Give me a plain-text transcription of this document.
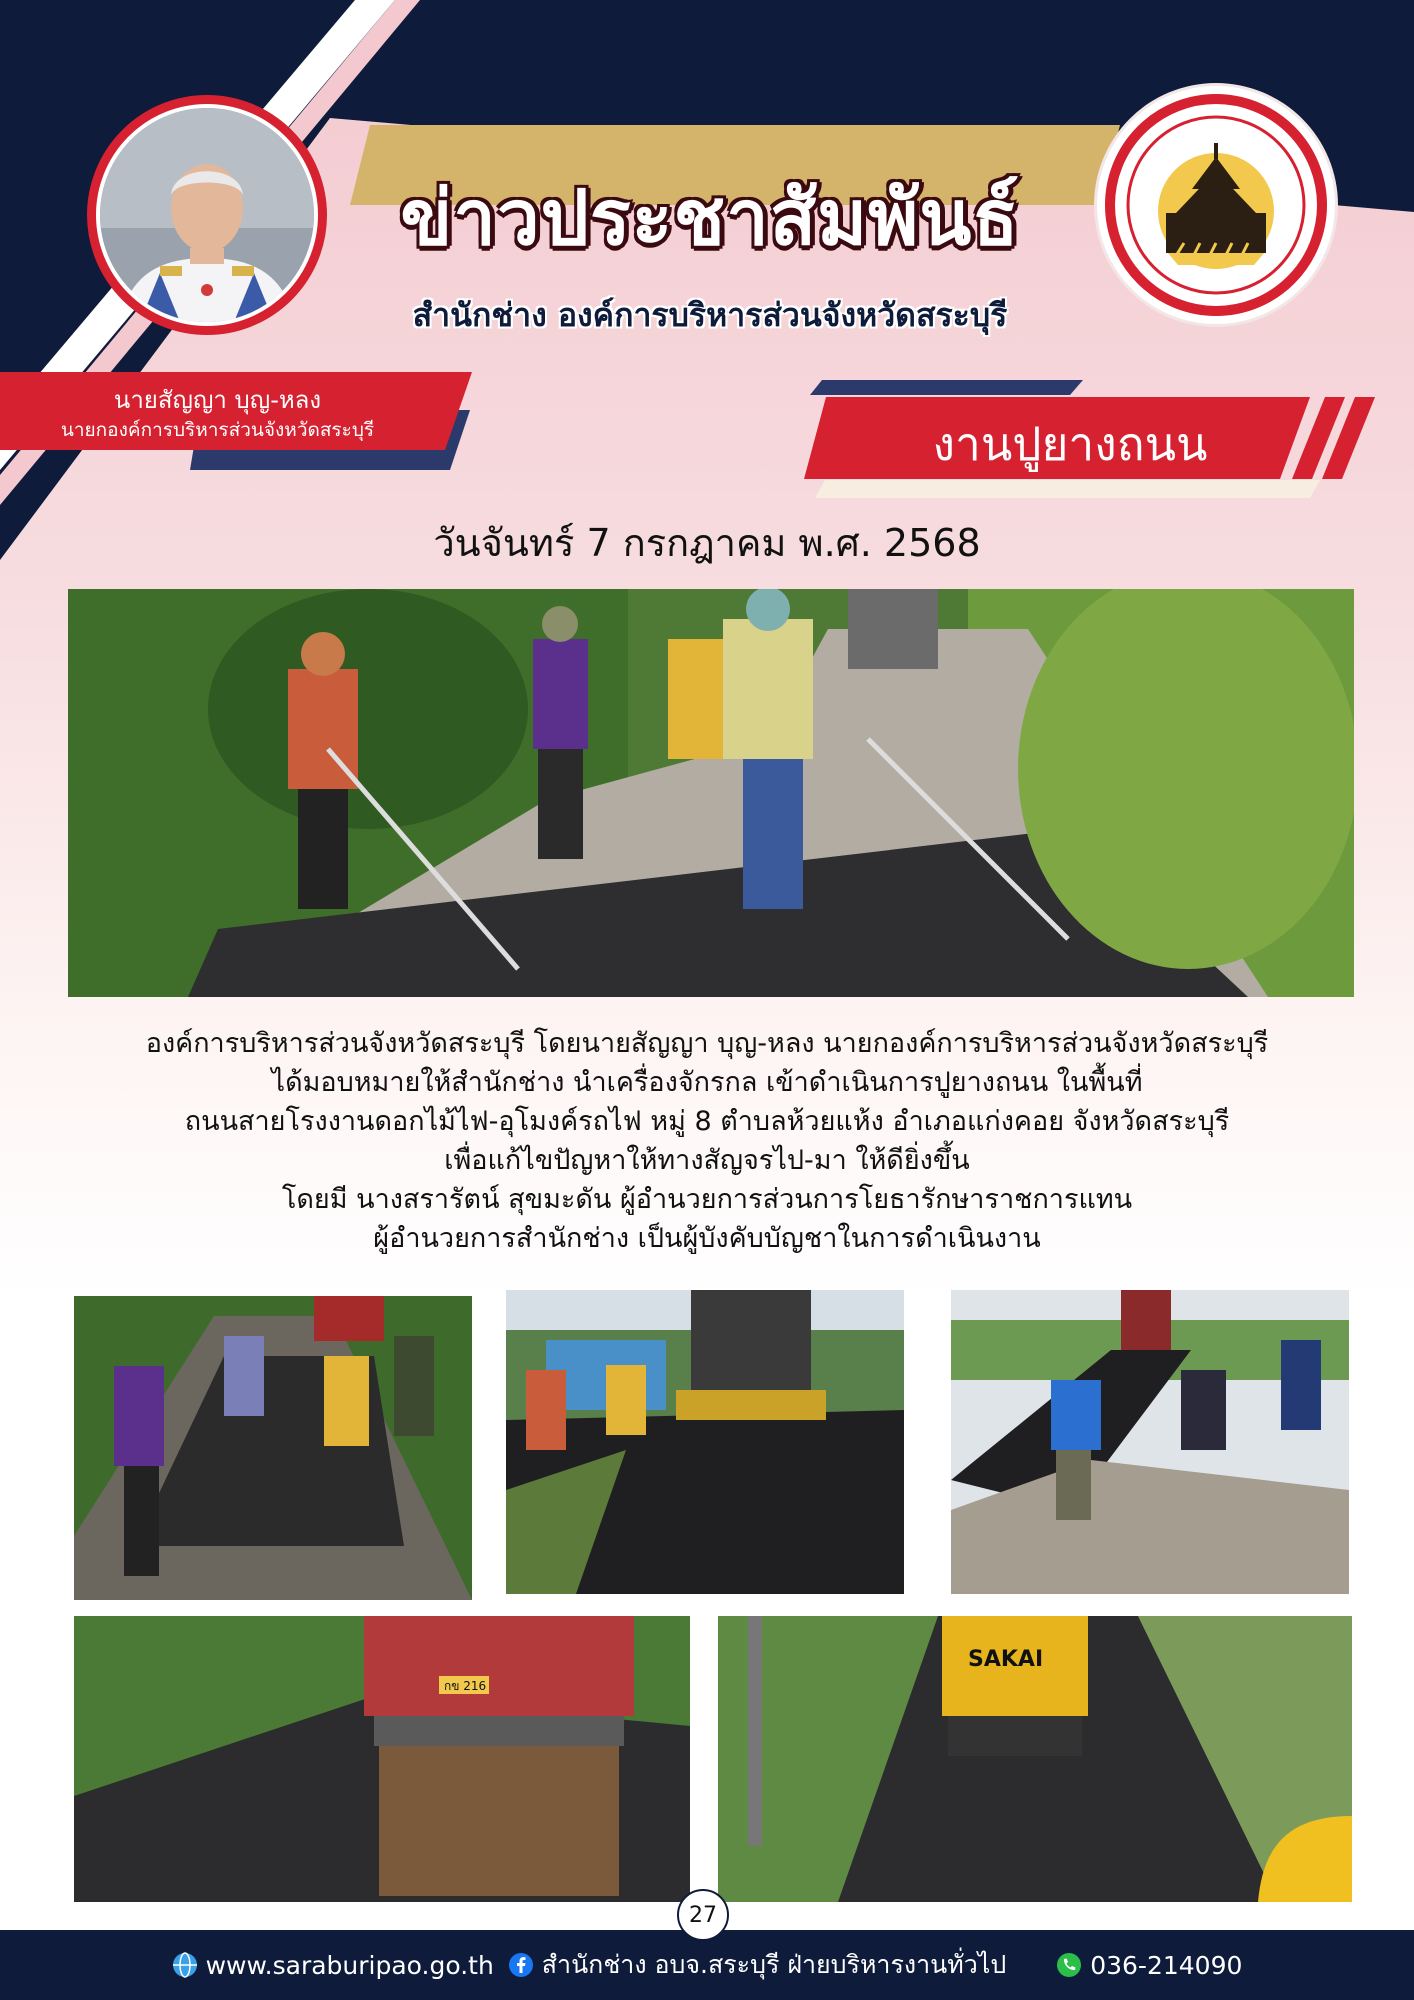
ข่าวประชาสัมพันธ์
สำนักช่าง องค์การบริหารส่วนจังหวัดสระบุรี
นายสัญญา บุญ-หลง
นายกองค์การบริหารส่วนจังหวัดสระบุรี	งานปูยางถนน
วันจันทร์ 7 กรกฎาคม พ.ศ. 2568
องค์การบริหารส่วนจังหวัดสระบุรี โดยนายสัญญา บุญ-หลง นายกองค์การบริหารส่วนจังหวัดสระบุรี
ได้มอบหมายให้สำนักช่าง นำเครื่องจักรกล เข้าดำเนินการปูยางถนน ในพื้นที่
ถนนสายโรงงานดอกไม้ไฟ-อุโมงค์รถไฟ หมู่ 8 ตำบลห้วยแห้ง อำเภอแก่งคอย จังหวัดสระบุรี
เพื่อแก้ไขปัญหาให้ทางสัญจรไป-มา ให้ดียิ่งขึ้น
โดยมี นางสรารัตน์ สุขมะดัน ผู้อำนวยการส่วนการโยธารักษาราชการแทน
ผู้อำนวยการสำนักช่าง เป็นผู้บังคับบัญชาในการดำเนินงาน
กข 216
SAKAI
27
www.saraburipao.go.th สำนักช่าง อบจ.สระบุรี ฝ่ายบริหารงานทั่วไป	036-214090
